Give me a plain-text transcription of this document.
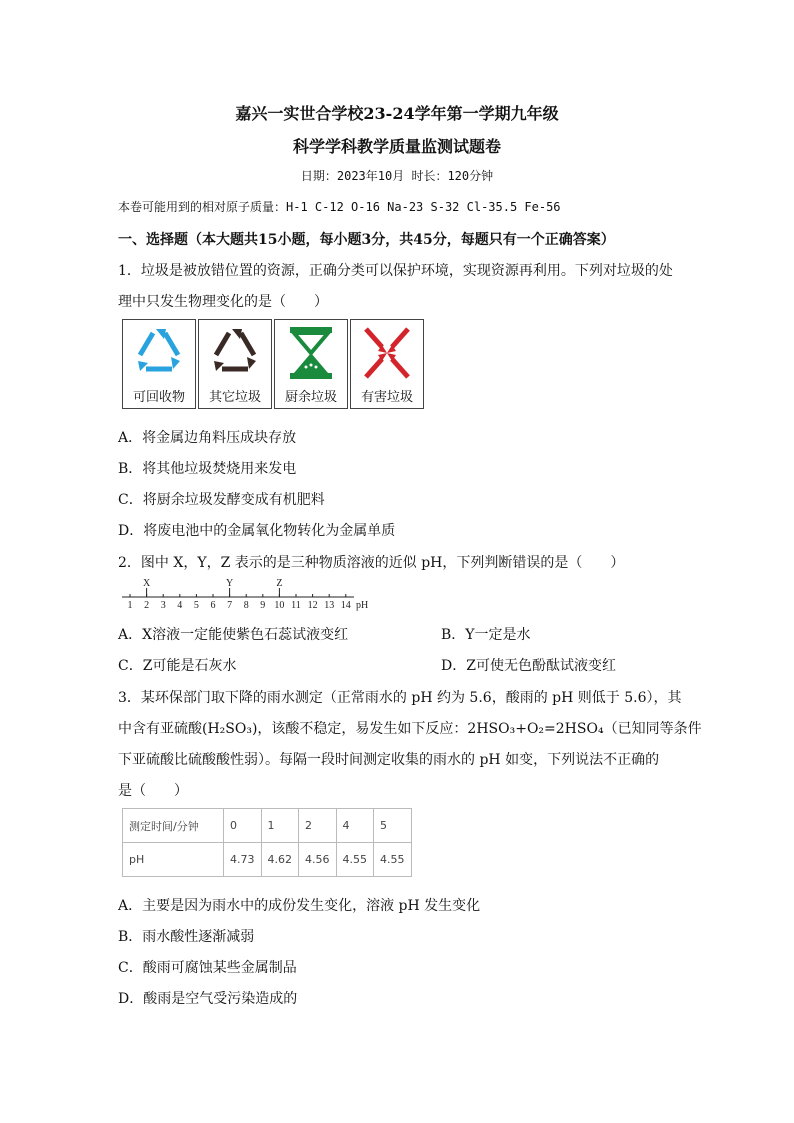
嘉兴一实世合学校23-24学年第一学期九年级
科学学科教学质量监测试题卷
日期：2023年10月 时长：120分钟
本卷可能用到的相对原子质量：H-1 C-12 O-16 Na-23 S-32 Cl-35.5 Fe-56
一、选择题（本大题共15小题，每小题3分，共45分，每题只有一个正确答案）
1．垃圾是被放错位置的资源，正确分类可以保护环境，实现资源再利用。下列对垃圾的处
理中只发生物理变化的是（　　）
可回收物	其它垃圾	厨余垃圾	有害垃圾
A．将金属边角料压成块存放
B．将其他垃圾焚烧用来发电
C．将厨余垃圾发酵变成有机肥料
D．将废电池中的金属氧化物转化为金属单质
2．图中 X，Y，Z 表示的是三种物质溶液的近似 pH，下列判断错误的是（　　）
1 2 3 4 5 6 7 8 9 10 11 12 13 14
X	Y	Z
pH
A．X溶液一定能使紫色石蕊试液变红	B．Y一定是水
C．Z可能是石灰水	D．Z可使无色酚酞试液变红
3．某环保部门取下降的雨水测定（正常雨水的 pH 约为 5.6，酸雨的 pH 则低于 5.6），其
中含有亚硫酸(H₂SO₃)，该酸不稳定，易发生如下反应：2HSO₃+O₂=2HSO₄（已知同等条件
下亚硫酸比硫酸酸性弱）。每隔一段时间测定收集的雨水的 pH 如变，下列说法不正确的
是（　　）
测定时间/分钟	0	1	2	4	5
pH	4.73	4.62	4.56	4.55	4.55
A．主要是因为雨水中的成份发生变化，溶液 pH 发生变化
B．雨水酸性逐渐减弱
C．酸雨可腐蚀某些金属制品
D．酸雨是空气受污染造成的
